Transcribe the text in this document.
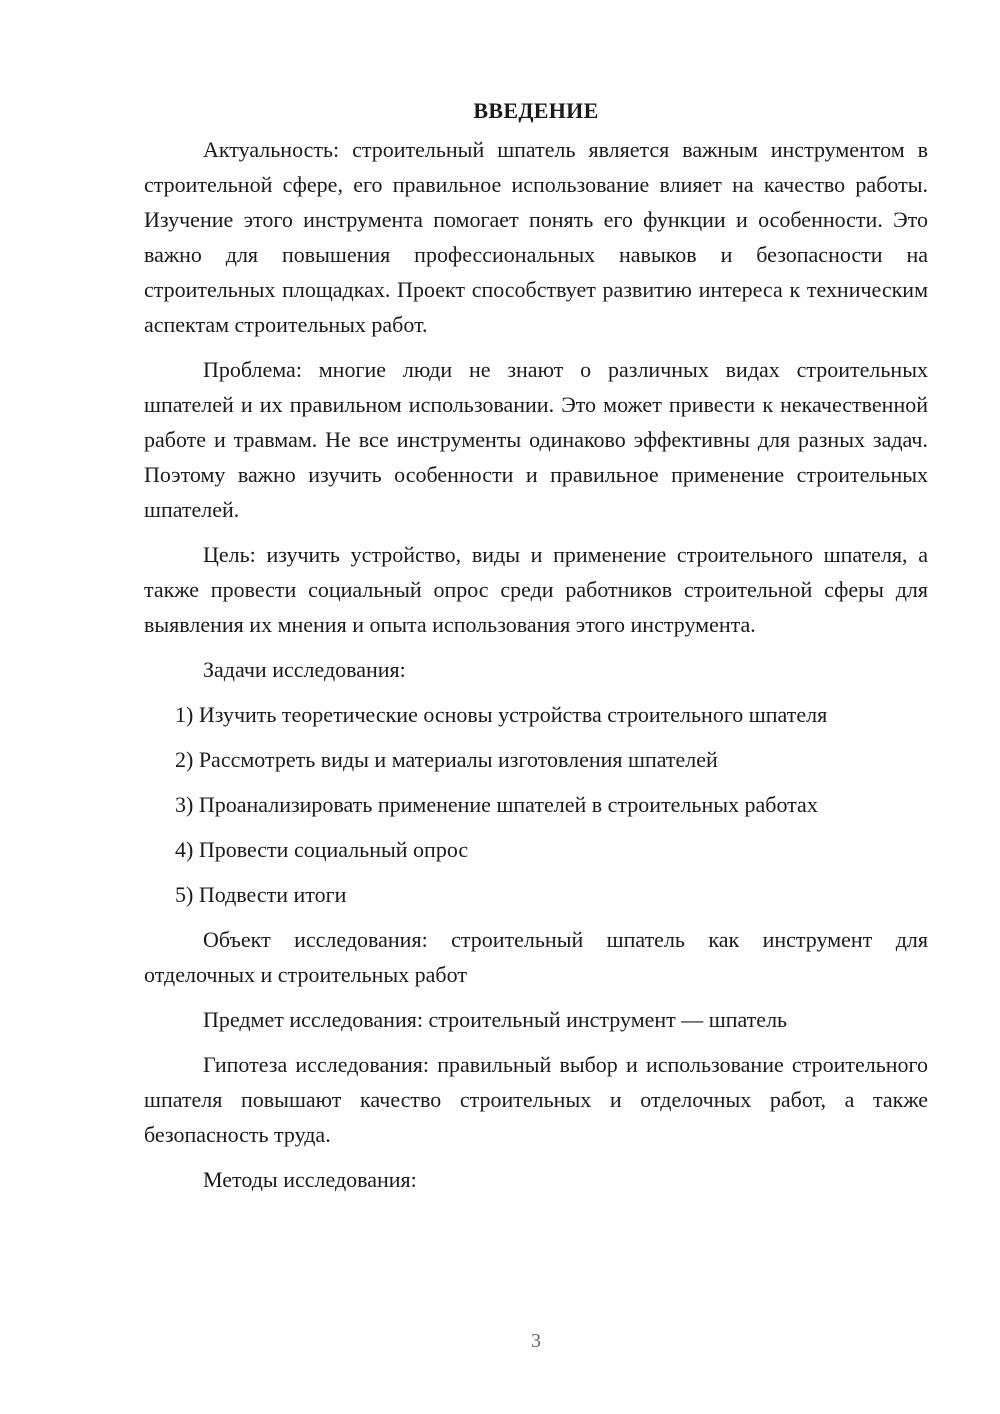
ВВЕДЕНИЕ

Актуальность: строительный шпатель является важным инструментом в строительной сфере, его правильное использование влияет на качество работы. Изучение этого инструмента помогает понять его функции и особенности. Это важно для повышения профессиональных навыков и безопасности на строительных площадках. Проект способствует развитию интереса к техническим аспектам строительных работ.

Проблема: многие люди не знают о различных видах строительных шпателей и их правильном использовании. Это может привести к некачественной работе и травмам. Не все инструменты одинаково эффективны для разных задач. Поэтому важно изучить особенности и правильное применение строительных шпателей.

Цель: изучить устройство, виды и применение строительного шпателя, а также провести социальный опрос среди работников строительной сферы для выявления их мнения и опыта использования этого инструмента.

Задачи исследования:

1) Изучить теоретические основы устройства строительного шпателя
2) Рассмотреть виды и материалы изготовления шпателей
3) Проанализировать применение шпателей в строительных работах
4) Провести социальный опрос
5) Подвести итоги

Объект исследования: строительный шпатель как инструмент для отделочных и строительных работ

Предмет исследования: строительный инструмент — шпатель

Гипотеза исследования: правильный выбор и использование строительного шпателя повышают качество строительных и отделочных работ, а также безопасность труда.

Методы исследования:

3
